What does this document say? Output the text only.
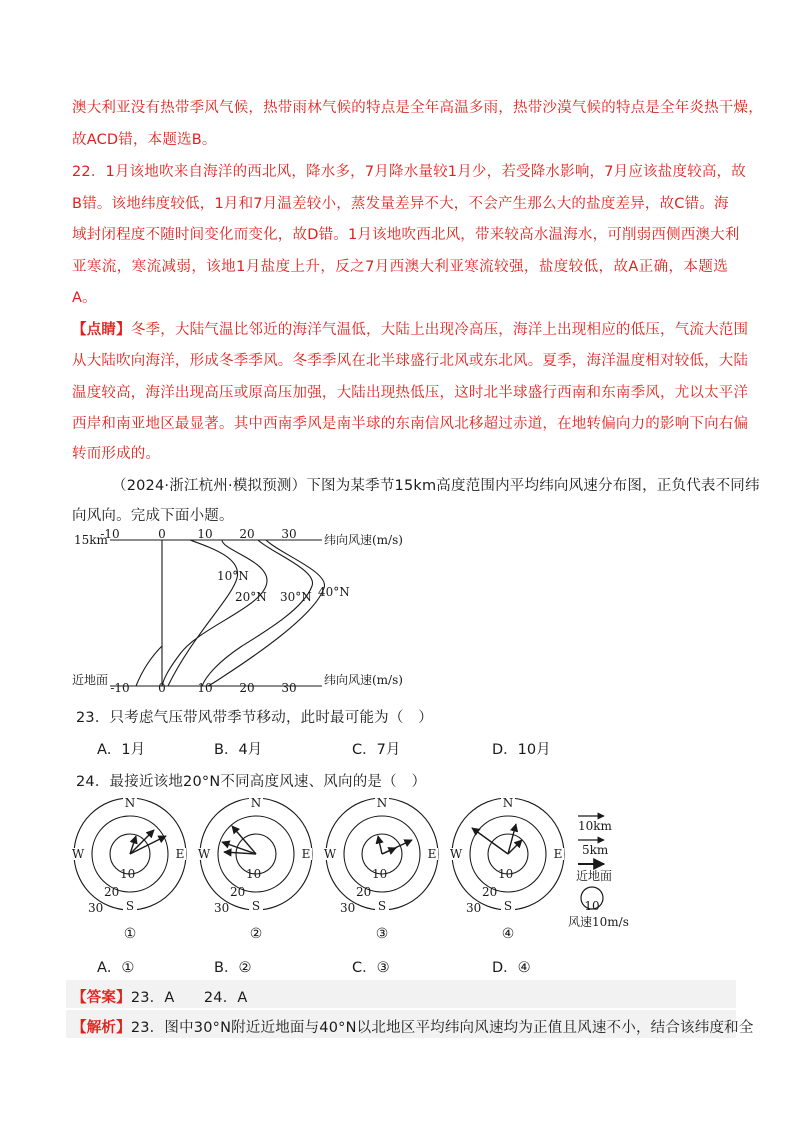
澳大利亚没有热带季风气候，热带雨林气候的特点是全年高温多雨，热带沙漠气候的特点是全年炎热干燥，
故ACD错，本题选B。
22．1月该地吹来自海洋的西北风，降水多，7月降水量较1月少，若受降水影响，7月应该盐度较高，故
B错。该地纬度较低，1月和7月温差较小，蒸发量差异不大，不会产生那么大的盐度差异，故C错。海
域封闭程度不随时间变化而变化，故D错。1月该地吹西北风，带来较高水温海水，可削弱西侧西澳大利
亚寒流，寒流减弱，该地1月盐度上升，反之7月西澳大利亚寒流较强，盐度较低，故A正确，本题选
A。
【点睛】冬季，大陆气温比邻近的海洋气温低，大陆上出现冷高压，海洋上出现相应的低压，气流大范围
从大陆吹向海洋，形成冬季季风。冬季季风在北半球盛行北风或东北风。夏季，海洋温度相对较低，大陆
温度较高，海洋出现高压或原高压加强，大陆出现热低压，这时北半球盛行西南和东南季风，尤以太平洋
西岸和南亚地区最显著。其中西南季风是南半球的东南信风北移超过赤道，在地转偏向力的影响下向右偏
转而形成的。
（2024·浙江杭州·模拟预测）下图为某季节15km高度范围内平均纬向风速分布图，正负代表不同纬
向风向。完成下面小题。
15km
-10	0	10 20 30 纬向风速(m/s)
近地面
-10 0	10 20 30
纬向风速(m/s)
10°N
20°N 30°N 40°N
23．只考虑气压带风带季节移动，此时最可能为（　）
A．1月	B．4月	C．7月	D．10月
24．最接近该地20°N不同高度风速、风向的是（　）
N
S
W	E
10
20
30
①
N
S
W	E
10
20
30
②
N
S
W	E
10
20
30
③
N
S
W	E
10
20
30
④
10km
5km
近地面
10
风速10m/s
A．①	B．②	C．③	D．④
【答案】23．A　　24．A
【解析】23．图中30°N附近近地面与40°N以北地区平均纬向风速均为正值且风速不小，结合该纬度和全
